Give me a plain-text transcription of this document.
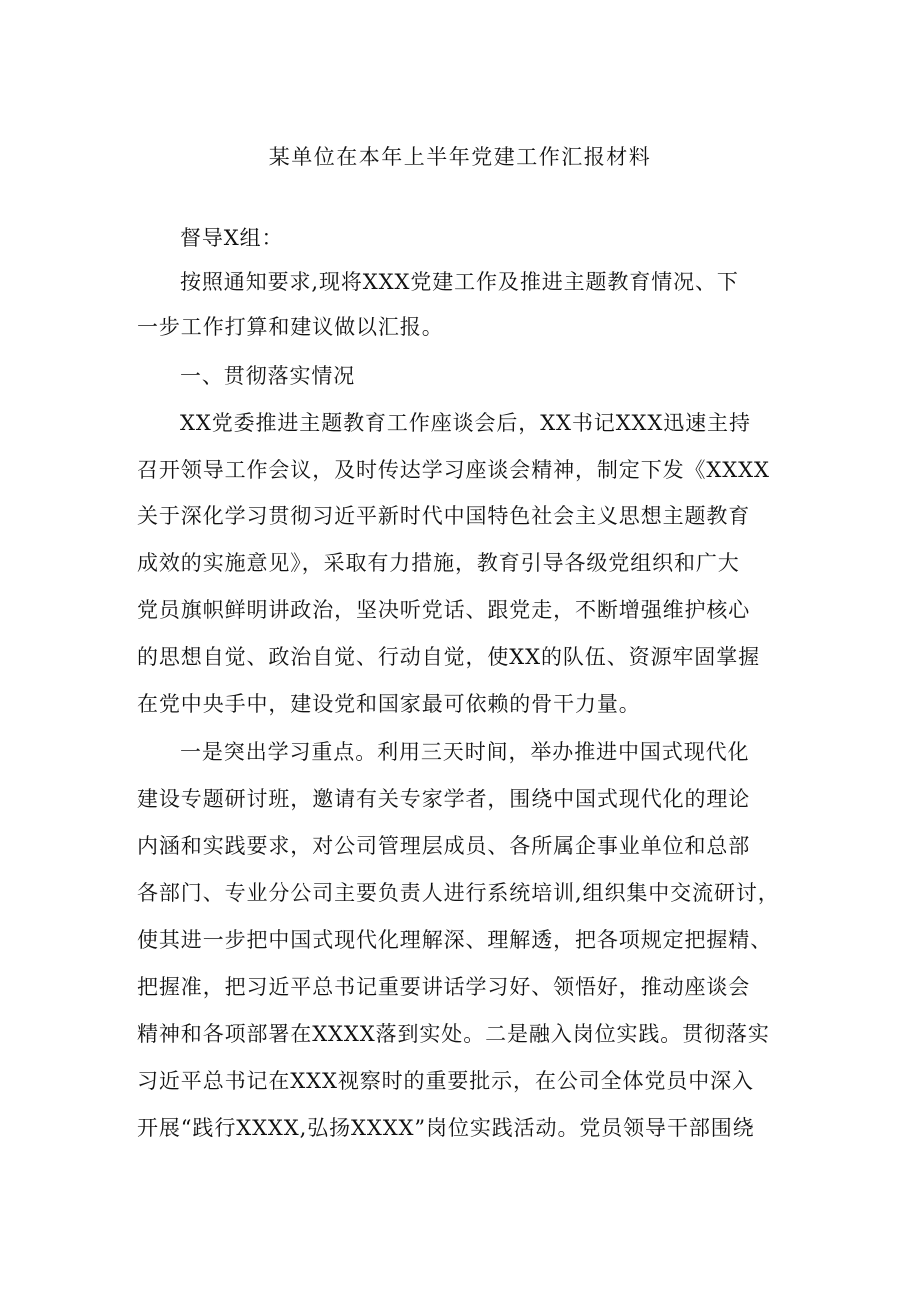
某单位在本年上半年党建工作汇报材料
督导X组：
按照通知要求,现将XXX党建工作及推进主题教育情况、下
一步工作打算和建议做以汇报。
一、贯彻落实情况
XX党委推进主题教育工作座谈会后，XX书记XXX迅速主持
召开领导工作会议，及时传达学习座谈会精神，制定下发《XXXX
关于深化学习贯彻习近平新时代中国特色社会主义思想主题教育
成效的实施意见》，采取有力措施，教育引导各级党组织和广大
党员旗帜鲜明讲政治，坚决听党话、跟党走，不断增强维护核心
的思想自觉、政治自觉、行动自觉，使XX的队伍、资源牢固掌握
在党中央手中，建设党和国家最可依赖的骨干力量。
一是突出学习重点。利用三天时间，举办推进中国式现代化
建设专题研讨班，邀请有关专家学者，围绕中国式现代化的理论
内涵和实践要求，对公司管理层成员、各所属企事业单位和总部
各部门、专业分公司主要负责人进行系统培训,组织集中交流研讨，
使其进一步把中国式现代化理解深、理解透，把各项规定把握精、
把握准，把习近平总书记重要讲话学习好、领悟好，推动座谈会
精神和各项部署在XXXX落到实处。二是融入岗位实践。贯彻落实
习近平总书记在XXX视察时的重要批示，在公司全体党员中深入
开展“践行XXXX,弘扬XXXX”岗位实践活动。党员领导干部围绕
